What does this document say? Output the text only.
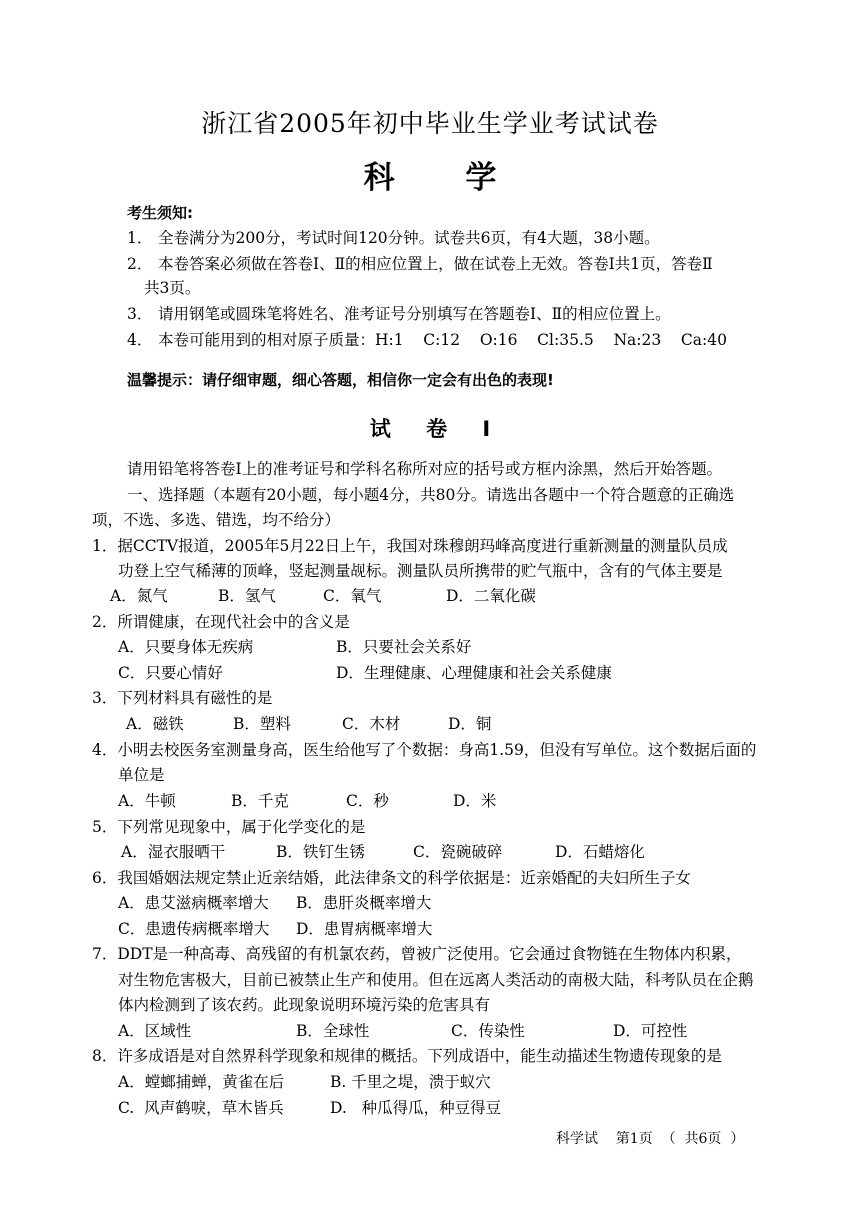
浙江省2005年初中毕业生学业考试试卷
科 学
考生须知:
1． 全卷满分为200分，考试时间120分钟。试卷共6页，有4大题，38小题。
2． 本卷答案必须做在答卷Ⅰ、Ⅱ的相应位置上，做在试卷上无效。答卷Ⅰ共1页，答卷Ⅱ
共3页。
3． 请用钢笔或圆珠笔将姓名、准考证号分别填写在答题卷Ⅰ、Ⅱ的相应位置上。
4． 本卷可能用到的相对原子质量：H:1    C:12    O:16    Cl:35.5    Na:23    Ca:40
温馨提示：请仔细审题，细心答题，相信你一定会有出色的表现!
试 卷 Ⅰ
请用铅笔将答卷Ⅰ上的准考证号和学科名称所对应的括号或方框内涂黑，然后开始答题。
一、选择题（本题有20小题，每小题4分，共80分。请选出各题中一个符合题意的正确选
项，不选、多选、错选，均不给分）
1．据CCTV报道，2005年5月22日上午，我国对珠穆朗玛峰高度进行重新测量的测量队员成
功登上空气稀薄的顶峰，竖起测量觇标。测量队员所携带的贮气瓶中，含有的气体主要是
A．氮气	B．氢气	C．氧气	D．二氧化碳
2．所谓健康，在现代社会中的含义是
A．只要身体无疾病	B．只要社会关系好
C．只要心情好	D．生理健康、心理健康和社会关系健康
3．下列材料具有磁性的是
A．磁铁	B．塑料	C．木材	D．铜
4．小明去校医务室测量身高，医生给他写了个数据：身高1.59，但没有写单位。这个数据后面的
单位是
A．牛顿	B．千克	C．秒	D．米
5．下列常见现象中，属于化学变化的是
A．湿衣服晒干	B．铁钉生锈	C．瓷碗破碎	D．石蜡熔化
6．我国婚姻法规定禁止近亲结婚，此法律条文的科学依据是：近亲婚配的夫妇所生子女
A．患艾滋病概率增大 B．患肝炎概率增大
C．患遗传病概率增大 D．患胃病概率增大
7．DDT是一种高毒、高残留的有机氯农药，曾被广泛使用。它会通过食物链在生物体内积累，
对生物危害极大，目前已被禁止生产和使用。但在远离人类活动的南极大陆，科考队员在企鹅
体内检测到了该农药。此现象说明环境污染的危害具有
A．区域性	B．全球性	C．传染性	D．可控性
8．许多成语是对自然界科学现象和规律的概括。下列成语中，能生动描述生物遗传现象的是
A．螳螂捕蝉，黄雀在后	B. 千里之堤，溃于蚁穴
C.  风声鹤唳，草木皆兵	D.   种瓜得瓜，种豆得豆
科学试    第1页  （  共6页  ）
